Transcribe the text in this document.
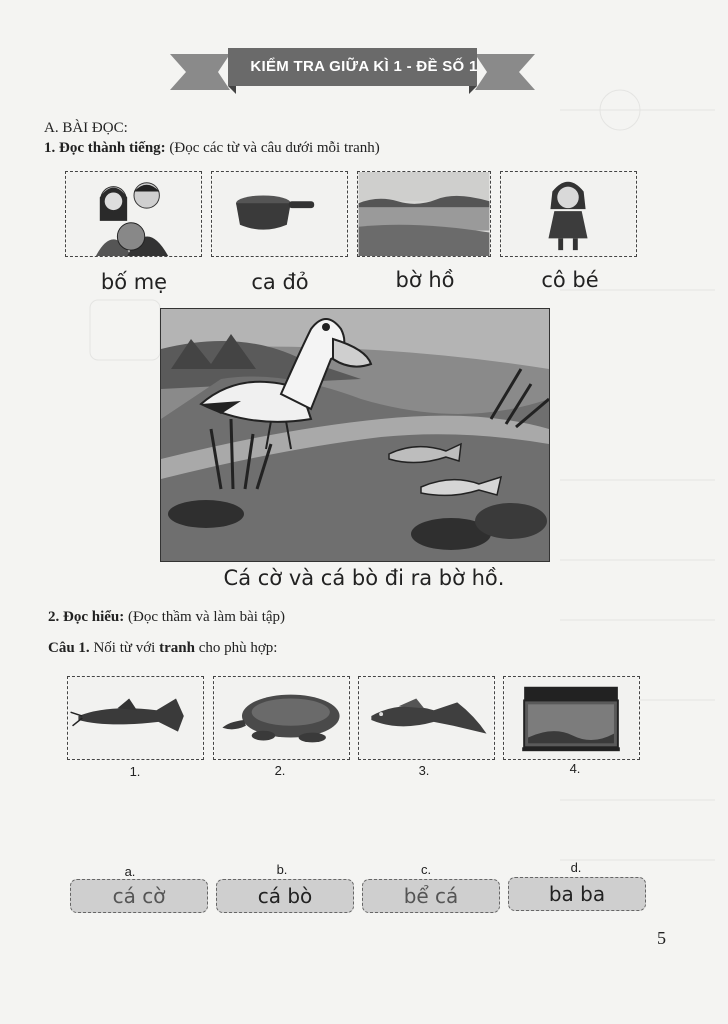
KIỂM TRA GIỮA KÌ 1 - ĐỀ SỐ 1
A. BÀI ĐỌC:
1. Đọc thành tiếng: (Đọc các từ và câu dưới mỗi tranh)
bố mẹ	ca đỏ	bờ hồ	cô bé
Cá cờ và cá bò đi ra bờ hồ.
2. Đọc hiểu: (Đọc thầm và làm bài tập)
Câu 1. Nối từ với tranh cho phù hợp:
1.	2.	3.	4.
a.	b.	c.	d.
cá cờ	cá bò	bể cá	ba ba
5
